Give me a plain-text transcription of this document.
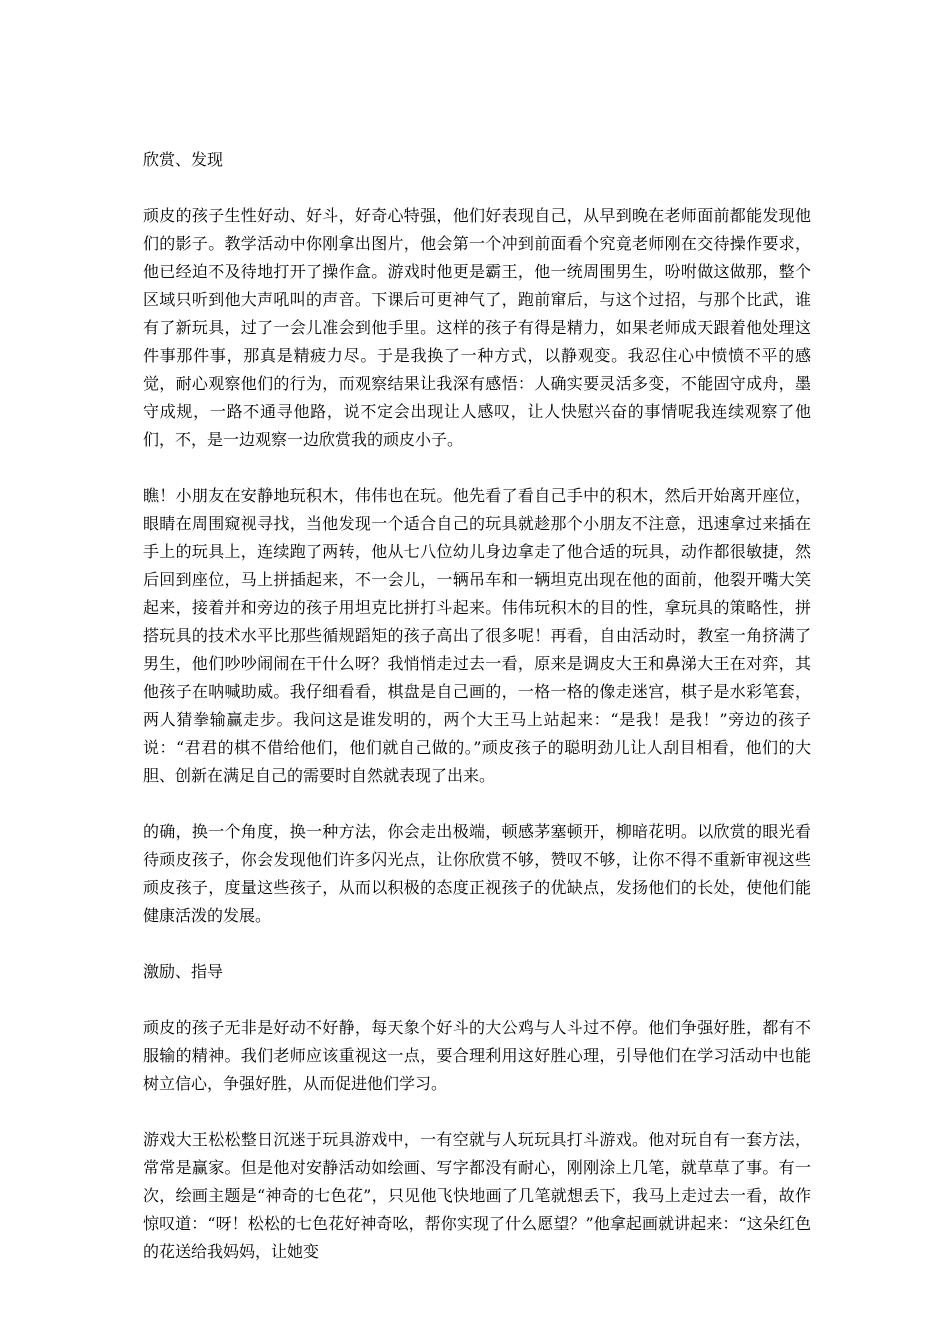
欣赏、发现

顽皮的孩子生性好动、好斗，好奇心特强，他们好表现自己，从早到晚在老师面前都能发现他们的影子。教学活动中你刚拿出图片，他会第一个冲到前面看个究竟老师刚在交待操作要求，他已经迫不及待地打开了操作盒。游戏时他更是霸王，他一统周围男生，吩咐做这做那，整个区域只听到他大声吼叫的声音。下课后可更神气了，跑前窜后，与这个过招，与那个比武，谁有了新玩具，过了一会儿准会到他手里。这样的孩子有得是精力，如果老师成天跟着他处理这件事那件事，那真是精疲力尽。于是我换了一种方式，以静观变。我忍住心中愤愤不平的感觉，耐心观察他们的行为，而观察结果让我深有感悟：人确实要灵活多变，不能固守成舟，墨守成规，一路不通寻他路，说不定会出现让人感叹，让人快慰兴奋的事情呢我连续观察了他们，不，是一边观察一边欣赏我的顽皮小子。

瞧！小朋友在安静地玩积木，伟伟也在玩。他先看了看自己手中的积木，然后开始离开座位，眼睛在周围窥视寻找，当他发现一个适合自己的玩具就趁那个小朋友不注意，迅速拿过来插在手上的玩具上，连续跑了两转，他从七八位幼儿身边拿走了他合适的玩具，动作都很敏捷，然后回到座位，马上拼插起来，不一会儿，一辆吊车和一辆坦克出现在他的面前，他裂开嘴大笑起来，接着并和旁边的孩子用坦克比拼打斗起来。伟伟玩积木的目的性，拿玩具的策略性，拼搭玩具的技术水平比那些循规蹈矩的孩子高出了很多呢！再看，自由活动时，教室一角挤满了男生，他们吵吵闹闹在干什么呀？我悄悄走过去一看，原来是调皮大王和鼻涕大王在对弈，其他孩子在呐喊助威。我仔细看看，棋盘是自己画的，一格一格的像走迷宫，棋子是水彩笔套，两人猜拳输赢走步。我问这是谁发明的，两个大王马上站起来：“是我！是我！”旁边的孩子说：“君君的棋不借给他们，他们就自己做的。”顽皮孩子的聪明劲儿让人刮目相看，他们的大胆、创新在满足自己的需要时自然就表现了出来。

的确，换一个角度，换一种方法，你会走出极端，顿感茅塞顿开，柳暗花明。以欣赏的眼光看待顽皮孩子，你会发现他们许多闪光点，让你欣赏不够，赞叹不够，让你不得不重新审视这些顽皮孩子，度量这些孩子，从而以积极的态度正视孩子的优缺点，发扬他们的长处，使他们能健康活泼的发展。

激励、指导

顽皮的孩子无非是好动不好静，每天象个好斗的大公鸡与人斗过不停。他们争强好胜，都有不服输的精神。我们老师应该重视这一点，要合理利用这好胜心理，引导他们在学习活动中也能树立信心，争强好胜，从而促进他们学习。

游戏大王松松整日沉迷于玩具游戏中，一有空就与人玩玩具打斗游戏。他对玩自有一套方法，常常是赢家。但是他对安静活动如绘画、写字都没有耐心，刚刚涂上几笔，就草草了事。有一次，绘画主题是“神奇的七色花”，只见他飞快地画了几笔就想丢下，我马上走过去一看，故作惊叹道：“呀！松松的七色花好神奇吆，帮你实现了什么愿望？”他拿起画就讲起来：“这朵红色的花送给我妈妈，让她变
